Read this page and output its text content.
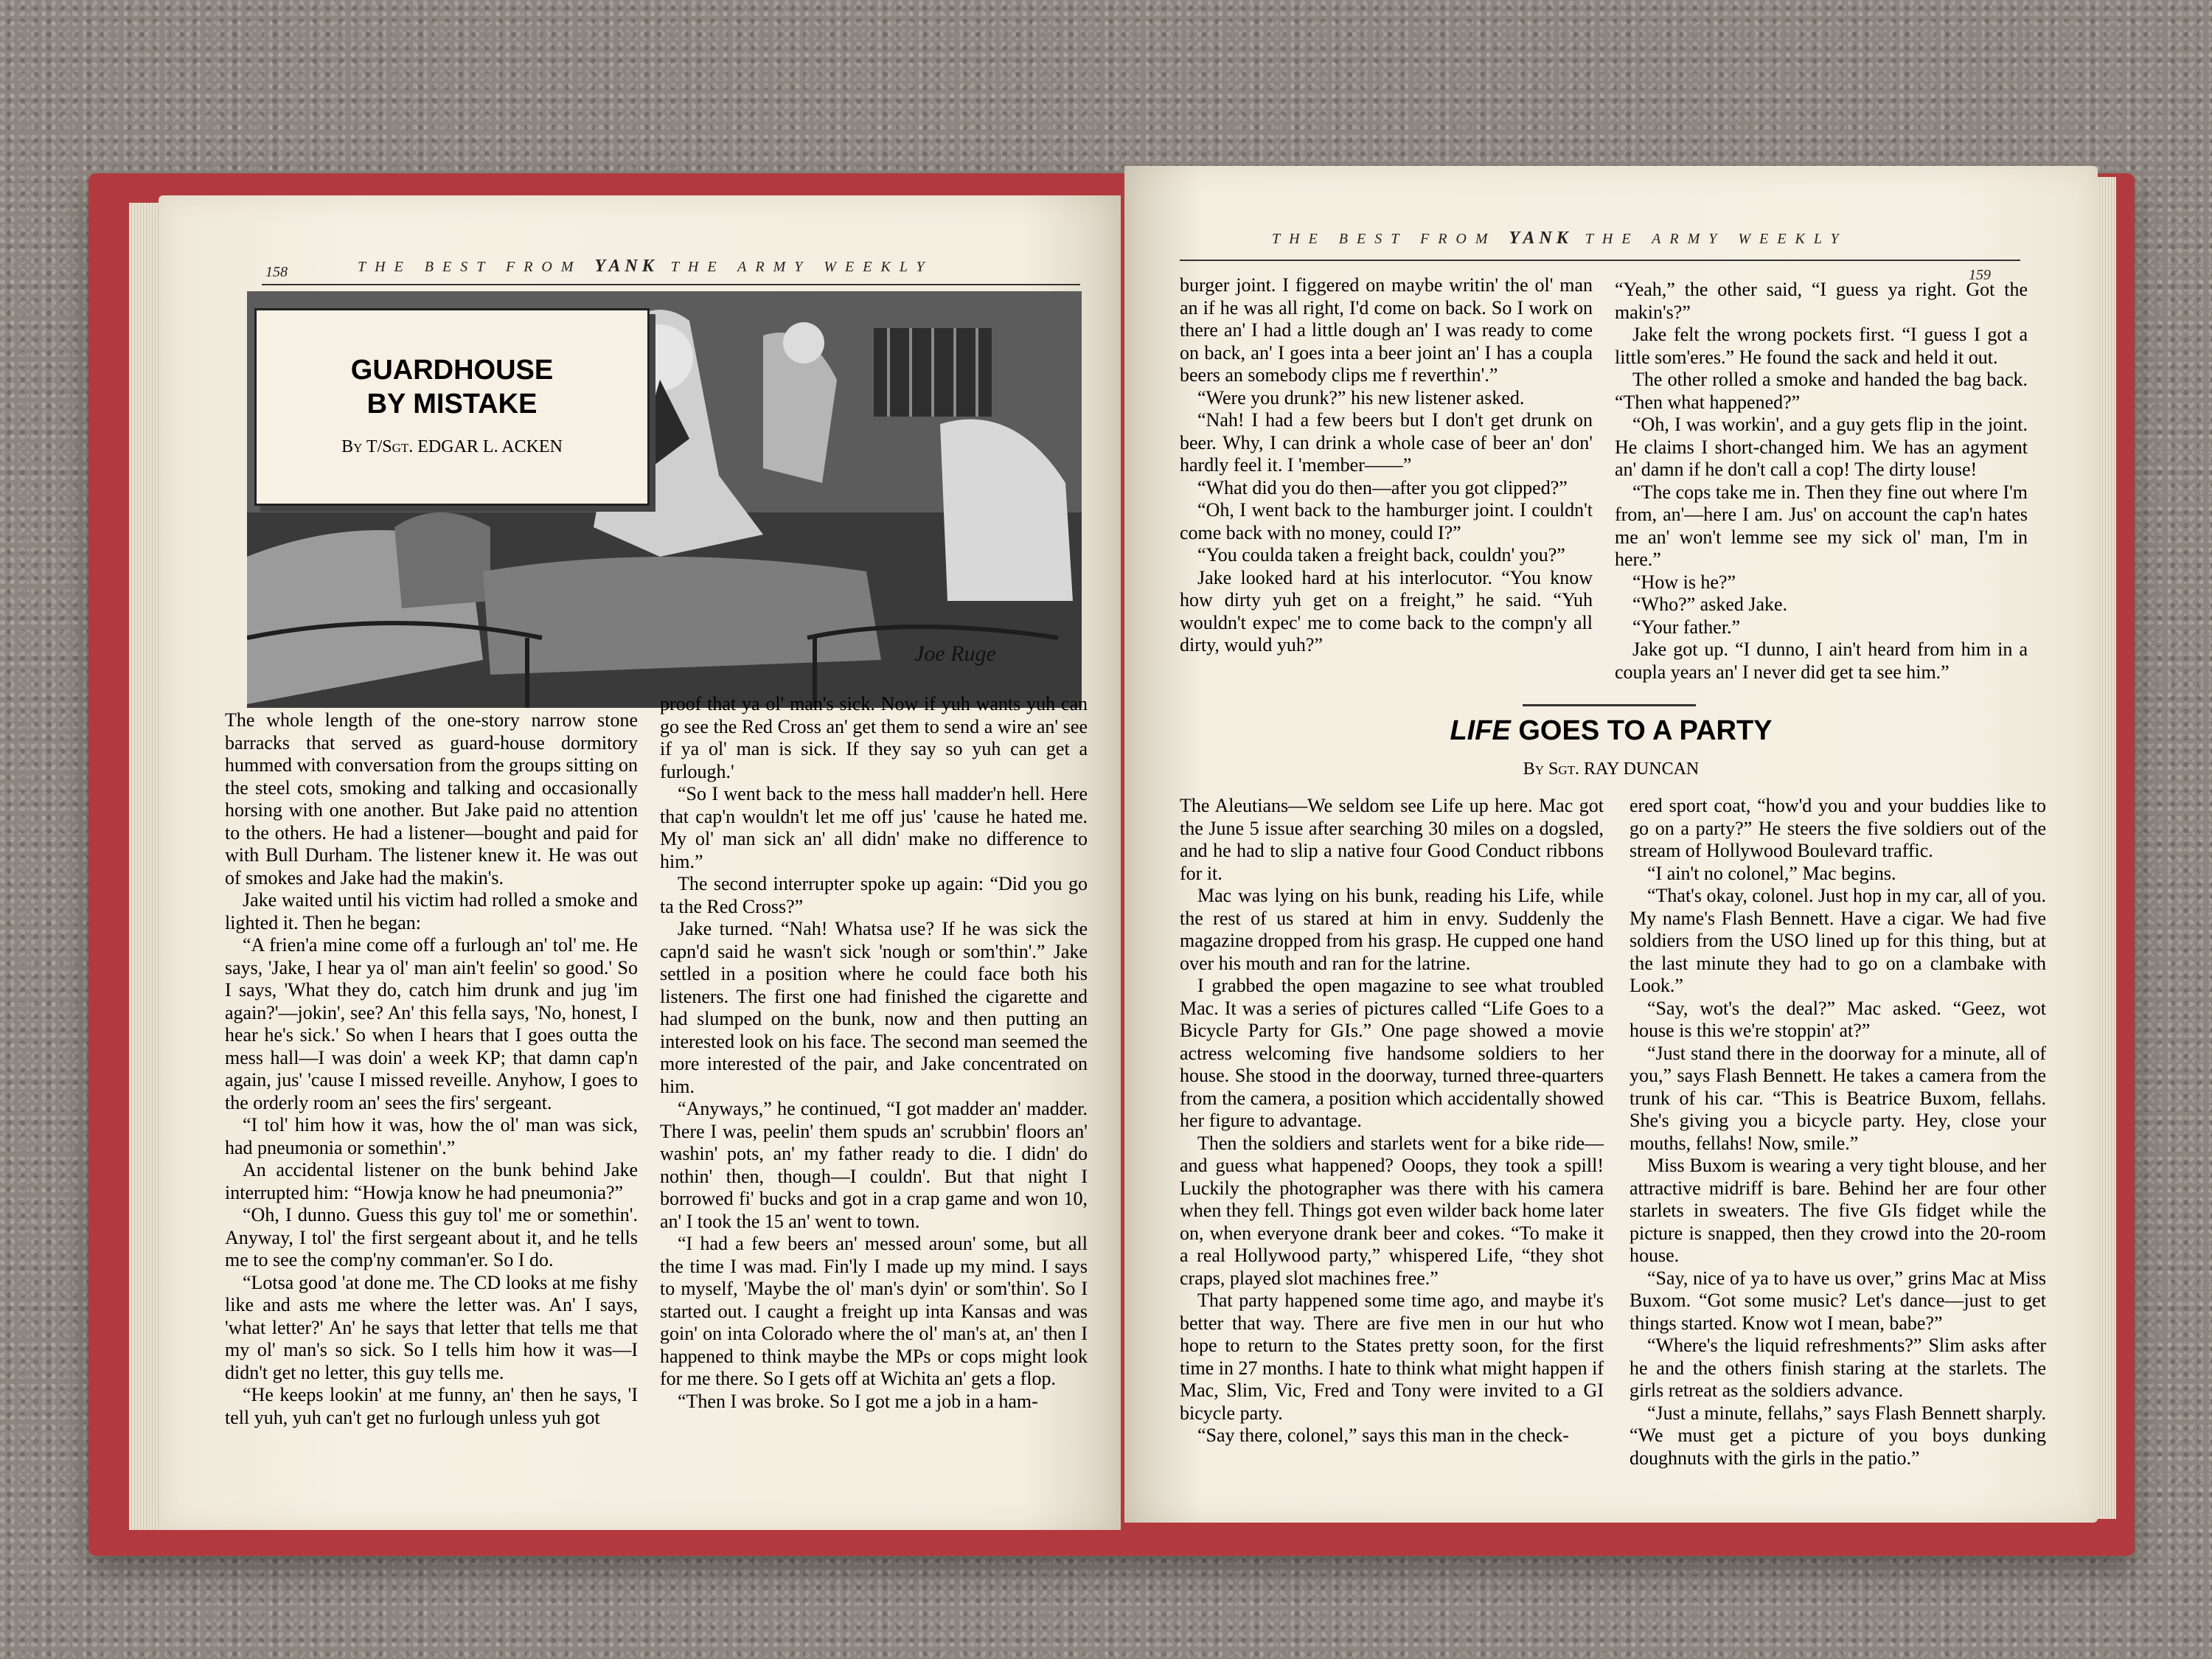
158	THE BEST FROM YANK THE ARMY WEEKLY
GUARDHOUSE
BY MISTAKE
By T/Sgt. EDGAR L. ACKEN
Joe Ruge

The whole length of the one-story narrow stone barracks that served as guard-house dormitory hummed with conversation from the groups sitting on the steel cots, smoking and talking and occasionally horsing with one another. But Jake paid no attention to the others. He had a listener—bought and paid for with Bull Durham. The listener knew it. He was out of smokes and Jake had the makin's.

Jake waited until his victim had rolled a smoke and lighted it. Then he began:

“A frien'a mine come off a furlough an' tol' me. He says, 'Jake, I hear ya ol' man ain't feelin' so good.' So I says, 'What they do, catch him drunk and jug 'im again?'—jokin', see? An' this fella says, 'No, honest, I hear he's sick.' So when I hears that I goes outta the mess hall—I was doin' a week KP; that damn cap'n again, jus' 'cause I missed reveille. Anyhow, I goes to the orderly room an' sees the firs' sergeant.

“I tol' him how it was, how the ol' man was sick, had pneumonia or somethin'.”

An accidental listener on the bunk behind Jake interrupted him: “Howja know he had pneumonia?”

“Oh, I dunno. Guess this guy tol' me or somethin'. Anyway, I tol' the first sergeant about it, and he tells me to see the comp'ny comman'er. So I do.

“Lotsa good 'at done me. The CD looks at me fishy like and asts me where the letter was. An' I says, 'what letter?' An' he says that letter that tells me that my ol' man's so sick. So I tells him how it was—I didn't get no letter, this guy tells me.

“He keeps lookin' at me funny, an' then he says, 'I tell yuh, yuh can't get no furlough unless yuh got

proof that ya ol' man's sick. Now if yuh wants yuh can go see the Red Cross an' get them to send a wire an' see if ya ol' man is sick. If they say so yuh can get a furlough.'

“So I went back to the mess hall madder'n hell. Here that cap'n wouldn't let me off jus' 'cause he hated me. My ol' man sick an' all didn' make no difference to him.”

The second interrupter spoke up again: “Did you go ta the Red Cross?”

Jake turned. “Nah! Whatsa use? If he was sick the capn'd said he wasn't sick 'nough or som'thin'.” Jake settled in a position where he could face both his listeners. The first one had finished the cigarette and had slumped on the bunk, now and then putting an interested look on his face. The second man seemed the more interested of the pair, and Jake concentrated on him.

“Anyways,” he continued, “I got madder an' madder. There I was, peelin' them spuds an' scrubbin' floors an' washin' pots, an' my father ready to die. I didn' do nothin' then, though—I couldn'. But that night I borrowed fi' bucks and got in a crap game and won 10, an' I took the 15 an' went to town.

“I had a few beers an' messed aroun' some, but all the time I was mad. Fin'ly I made up my mind. I says to myself, 'Maybe the ol' man's dyin' or som'thin'. So I started out. I caught a freight up inta Kansas and was goin' on inta Colorado where the ol' man's at, an' then I happened to think maybe the MPs or cops might look for me there. So I gets off at Wichita an' gets a flop.

“Then I was broke. So I got me a job in a ham-

THE BEST FROM YANK THE ARMY WEEKLY
159

burger joint. I figgered on maybe writin' the ol' man an if he was all right, I'd come on back. So I work on there an' I had a little dough an' I was ready to come on back, an' I goes inta a beer joint an' I has a coupla beers an somebody clips me f reverthin'.”

“Were you drunk?” his new listener asked.

“Nah! I had a few beers but I don't get drunk on beer. Why, I can drink a whole case of beer an' don' hardly feel it. I 'member——”

“What did you do then—after you got clipped?”

“Oh, I went back to the hamburger joint. I couldn't come back with no money, could I?”

“You coulda taken a freight back, couldn' you?”

Jake looked hard at his interlocutor. “You know how dirty yuh get on a freight,” he said. “Yuh wouldn't expec' me to come back to the compn'y all dirty, would yuh?”

“Yeah,” the other said, “I guess ya right. Got the makin's?”

Jake felt the wrong pockets first. “I guess I got a little som'eres.” He found the sack and held it out.

The other rolled a smoke and handed the bag back. “Then what happened?”

“Oh, I was workin', and a guy gets flip in the joint. He claims I short-changed him. We has an agyment an' damn if he don't call a cop! The dirty louse!

“The cops take me in. Then they fine out where I'm from, an'—here I am. Jus' on account the cap'n hates me an' won't lemme see my sick ol' man, I'm in here.”

“How is he?”

“Who?” asked Jake.

“Your father.”

Jake got up. “I dunno, I ain't heard from him in a coupla years an' I never did get ta see him.”

LIFE GOES TO A PARTY
By Sgt. RAY DUNCAN

The Aleutians—We seldom see Life up here. Mac got the June 5 issue after searching 30 miles on a dogsled, and he had to slip a native four Good Conduct ribbons for it.

Mac was lying on his bunk, reading his Life, while the rest of us stared at him in envy. Suddenly the magazine dropped from his grasp. He cupped one hand over his mouth and ran for the latrine.

I grabbed the open magazine to see what troubled Mac. It was a series of pictures called “Life Goes to a Bicycle Party for GIs.” One page showed a movie actress welcoming five handsome soldiers to her house. She stood in the doorway, turned three-quarters from the camera, a position which accidentally showed her figure to advantage.

Then the soldiers and starlets went for a bike ride—and guess what happened? Ooops, they took a spill! Luckily the photographer was there with his camera when they fell. Things got even wilder back home later on, when everyone drank beer and cokes. “To make it a real Hollywood party,” whispered Life, “they shot craps, played slot machines free.”

That party happened some time ago, and maybe it's better that way. There are five men in our hut who hope to return to the States pretty soon, for the first time in 27 months. I hate to think what might happen if Mac, Slim, Vic, Fred and Tony were invited to a GI bicycle party.

“Say there, colonel,” says this man in the check-

ered sport coat, “how'd you and your buddies like to go on a party?” He steers the five soldiers out of the stream of Hollywood Boulevard traffic.

“I ain't no colonel,” Mac begins.

“That's okay, colonel. Just hop in my car, all of you. My name's Flash Bennett. Have a cigar. We had five soldiers from the USO lined up for this thing, but at the last minute they had to go on a clambake with Look.”

“Say, wot's the deal?” Mac asked. “Geez, wot house is this we're stoppin' at?”

“Just stand there in the doorway for a minute, all of you,” says Flash Bennett. He takes a camera from the trunk of his car. “This is Beatrice Buxom, fellahs. She's giving you a bicycle party. Hey, close your mouths, fellahs! Now, smile.”

Miss Buxom is wearing a very tight blouse, and her attractive midriff is bare. Behind her are four other starlets in sweaters. The five GIs fidget while the picture is snapped, then they crowd into the 20-room house.

“Say, nice of ya to have us over,” grins Mac at Miss Buxom. “Got some music? Let's dance—just to get things started. Know wot I mean, babe?”

“Where's the liquid refreshments?” Slim asks after he and the others finish staring at the starlets. The girls retreat as the soldiers advance.

“Just a minute, fellahs,” says Flash Bennett sharply. “We must get a picture of you boys dunking doughnuts with the girls in the patio.”
